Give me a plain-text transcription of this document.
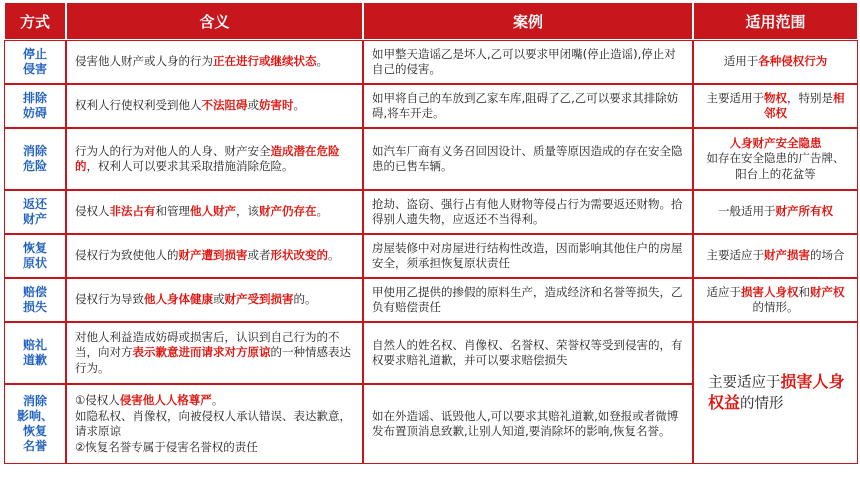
方式	含义	案例	适用范围

停止
侵害	侵害他人财产或人身的行为正在进行或继续状态。	如甲整天造谣乙是坏人,乙可以要求甲闭嘴(停止造谣),停止对自己的侵害。	适用于各种侵权行为

排除
妨碍	权利人行使权利受到他人不法阻碍或妨害时。	如甲将自己的车放到乙家车库,阻碍了乙,乙可以要求其排除妨碍,将车开走。	主要适用于物权，特别是相邻权

消除
危险	行为人的行为对他人的人身、财产安全造成潜在危险的，权利人可以要求其采取措施消除危险。	如汽车厂商有义务召回因设计、质量等原因造成的存在安全隐患的已售车辆。	人身财产安全隐患
如存在安全隐患的广告牌、 阳台上的花盆等

返还
财产	侵权人非法占有和管理他人财产，该财产仍存在。	抢劫、盗窃、强行占有他人财物等侵占行为需要返还财物。拾得别人遗失物，应返还不当得利。	一般适用于财产所有权

恢复
原状	侵权行为致使他人的财产遭到损害或者形状改变的。	房屋装修中对房屋进行结构性改造，因而影响其他住户的房屋安全，须承担恢复原状责任	主要适应于财产损害的场合

赔偿
损失	侵权行为导致他人身体健康或财产受到损害的。	甲使用乙提供的掺假的原料生产，造成经济和名誉等损失，乙负有赔偿责任	适应于损害人身权和财产权的情形。

赔礼
道歉	对他人利益造成妨碍或损害后，认识到自己行为的不当，向对方表示歉意进而请求对方原谅的一种情感表达行为。	自然人的姓名权、肖像权、名誉权、荣誉权等受到侵害的，有权要求赔礼道歉，并可以要求赔偿损失	主要适应于损害人身权益的情形

消除
影响、
恢复
名誉	①侵权人侵害他人人格尊严。
如隐私权、肖像权，向被侵权人承认错误、表达歉意，请求原谅
②恢复名誉专属于侵害名誉权的责任	如在外造谣、诋毁他人,可以要求其赔礼道歉,如登报或者微博发布置顶消息致歉,让别人知道,要消除坏的影响,恢复名誉。	
